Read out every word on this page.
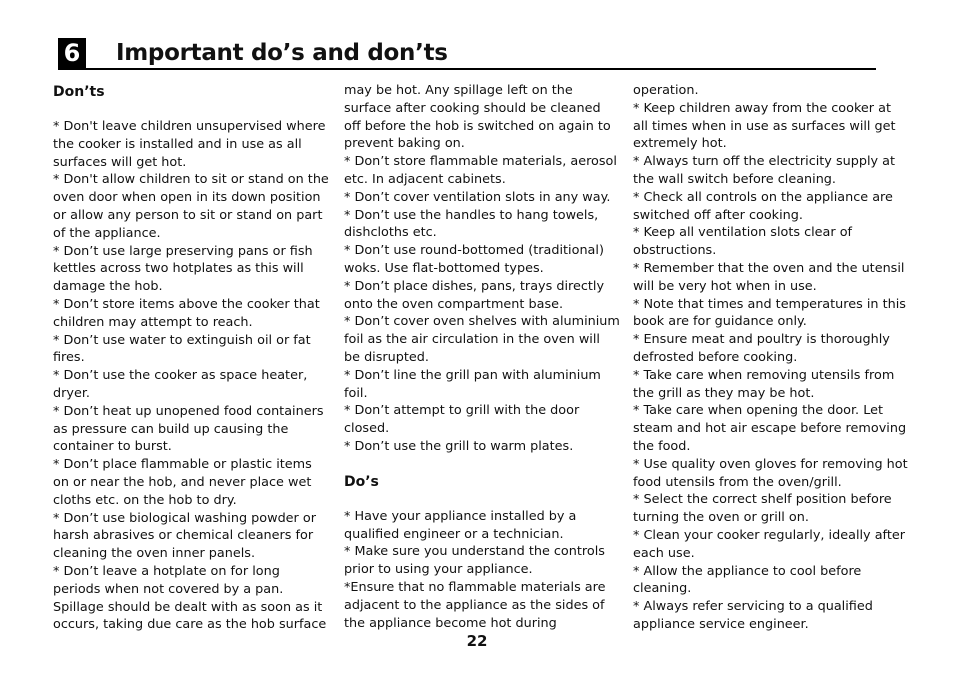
6 Important do’s and don’ts
Don’ts

* Don't leave children unsupervised where the cooker is installed and in use as all surfaces will get hot.

* Don't allow children to sit or stand on the oven door when open in its down position or allow any person to sit or stand on part of the appliance.

* Don’t use large preserving pans or fish kettles across two hotplates as this will damage the hob.

* Don’t store items above the cooker that children may attempt to reach.

* Don’t use water to extinguish oil or fat fires.

* Don’t use the cooker as space heater, dryer.

* Don’t heat up unopened food containers as pressure can build up causing the container to burst.

* Don’t place flammable or plastic items on or near the hob, and never place wet cloths etc. on the hob to dry.

* Don’t use biological washing powder or harsh abrasives or chemical cleaners for cleaning the oven inner panels.

* Don’t leave a hotplate on for long periods when not covered by a pan. Spillage should be dealt with as soon as it occurs, taking due care as the hob surface

may be hot. Any spillage left on the surface after cooking should be cleaned off before the hob is switched on again to prevent baking on.

* Don’t store flammable materials, aerosol etc. In adjacent cabinets.

* Don’t cover ventilation slots in any way.

* Don’t use the handles to hang towels, dishcloths etc.

* Don’t use round-bottomed (traditional) woks. Use flat-bottomed types.

* Don’t place dishes, pans, trays directly onto the oven compartment base.

* Don’t cover oven shelves with aluminium foil as the air circulation in the oven will be disrupted.

* Don’t line the grill pan with aluminium foil.

* Don’t attempt to grill with the door closed.

* Don’t use the grill to warm plates.

Do’s

* Have your appliance installed by a qualified engineer or a technician.

* Make sure you understand the controls prior to using your appliance.

*Ensure that no flammable materials are adjacent to the appliance as the sides of the appliance become hot during

operation.

* Keep children away from the cooker at all times when in use as surfaces will get extremely hot.

* Always turn off the electricity supply at the wall switch before cleaning.

* Check all controls on the appliance are switched off after cooking.

* Keep all ventilation slots clear of obstructions.

* Remember that the oven and the utensil will be very hot when in use.

* Note that times and temperatures in this book are for guidance only.

* Ensure meat and poultry is thoroughly defrosted before cooking.

* Take care when removing utensils from the grill as they may be hot.

* Take care when opening the door. Let steam and hot air escape before removing the food.

* Use quality oven gloves for removing hot food utensils from the oven/grill.

* Select the correct shelf position before turning the oven or grill on.

* Clean your cooker regularly, ideally after each use.

* Allow the appliance to cool before cleaning.

* Always refer servicing to a qualified appliance service engineer.

22
